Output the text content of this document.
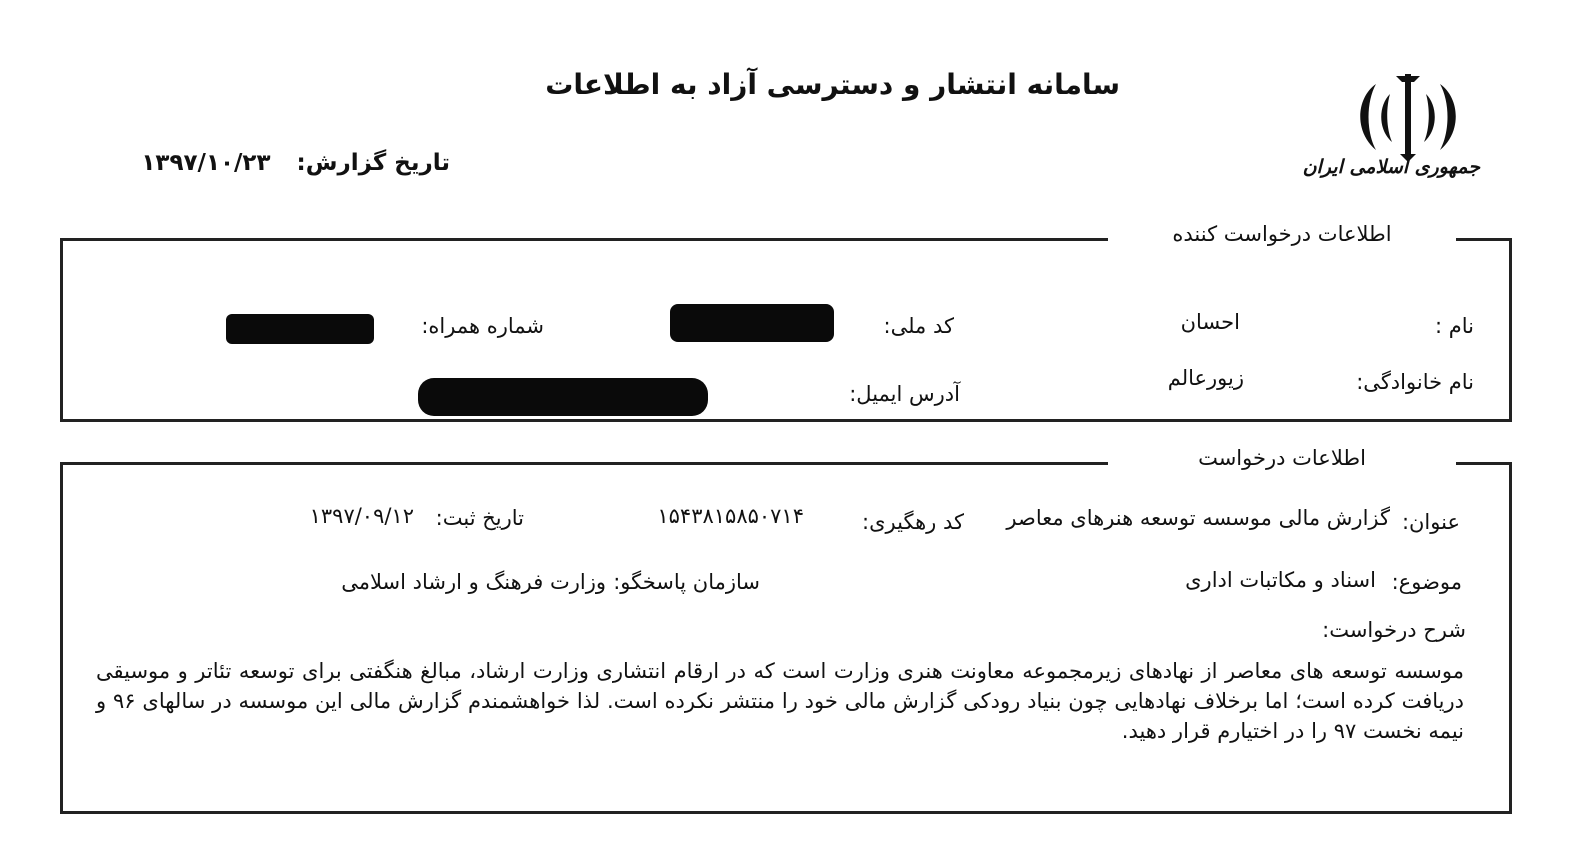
سامانه انتشار و دسترسی آزاد به اطلاعات
تاریخ گزارش: ۱۳۹۷/۱۰/۲۳	جمهوری اسلامی ایران
اطلاعات درخواست کننده
نام :
احسان
کد ملی:
شماره همراه:
نام خانوادگی:
زیورعالم
آدرس ایمیل:
اطلاعات درخواست
عنوان:
گزارش مالی موسسه توسعه هنرهای معاصر
کد رهگیری:
۱۵۴۳۸۱۵۸۵۰۷۱۴
تاریخ ثبت:
۱۳۹۷/۰۹/۱۲
موضوع:
اسناد و مکاتبات اداری
سازمان پاسخگو:
وزارت فرهنگ و ارشاد اسلامی
شرح درخواست:
موسسه توسعه های معاصر از نهادهای زیرمجموعه معاونت هنری وزارت است که در ارقام انتشاری وزارت ارشاد، مبالغ هنگفتی برای توسعه تئاتر و موسیقی دریافت کرده است؛ اما برخلاف نهادهایی چون بنیاد رودکی گزارش مالی خود را منتشر نکرده است. لذا خواهشمندم گزارش مالی این موسسه در سالهای ۹۶ و نیمه نخست ۹۷ را در اختیارم قرار دهید.
